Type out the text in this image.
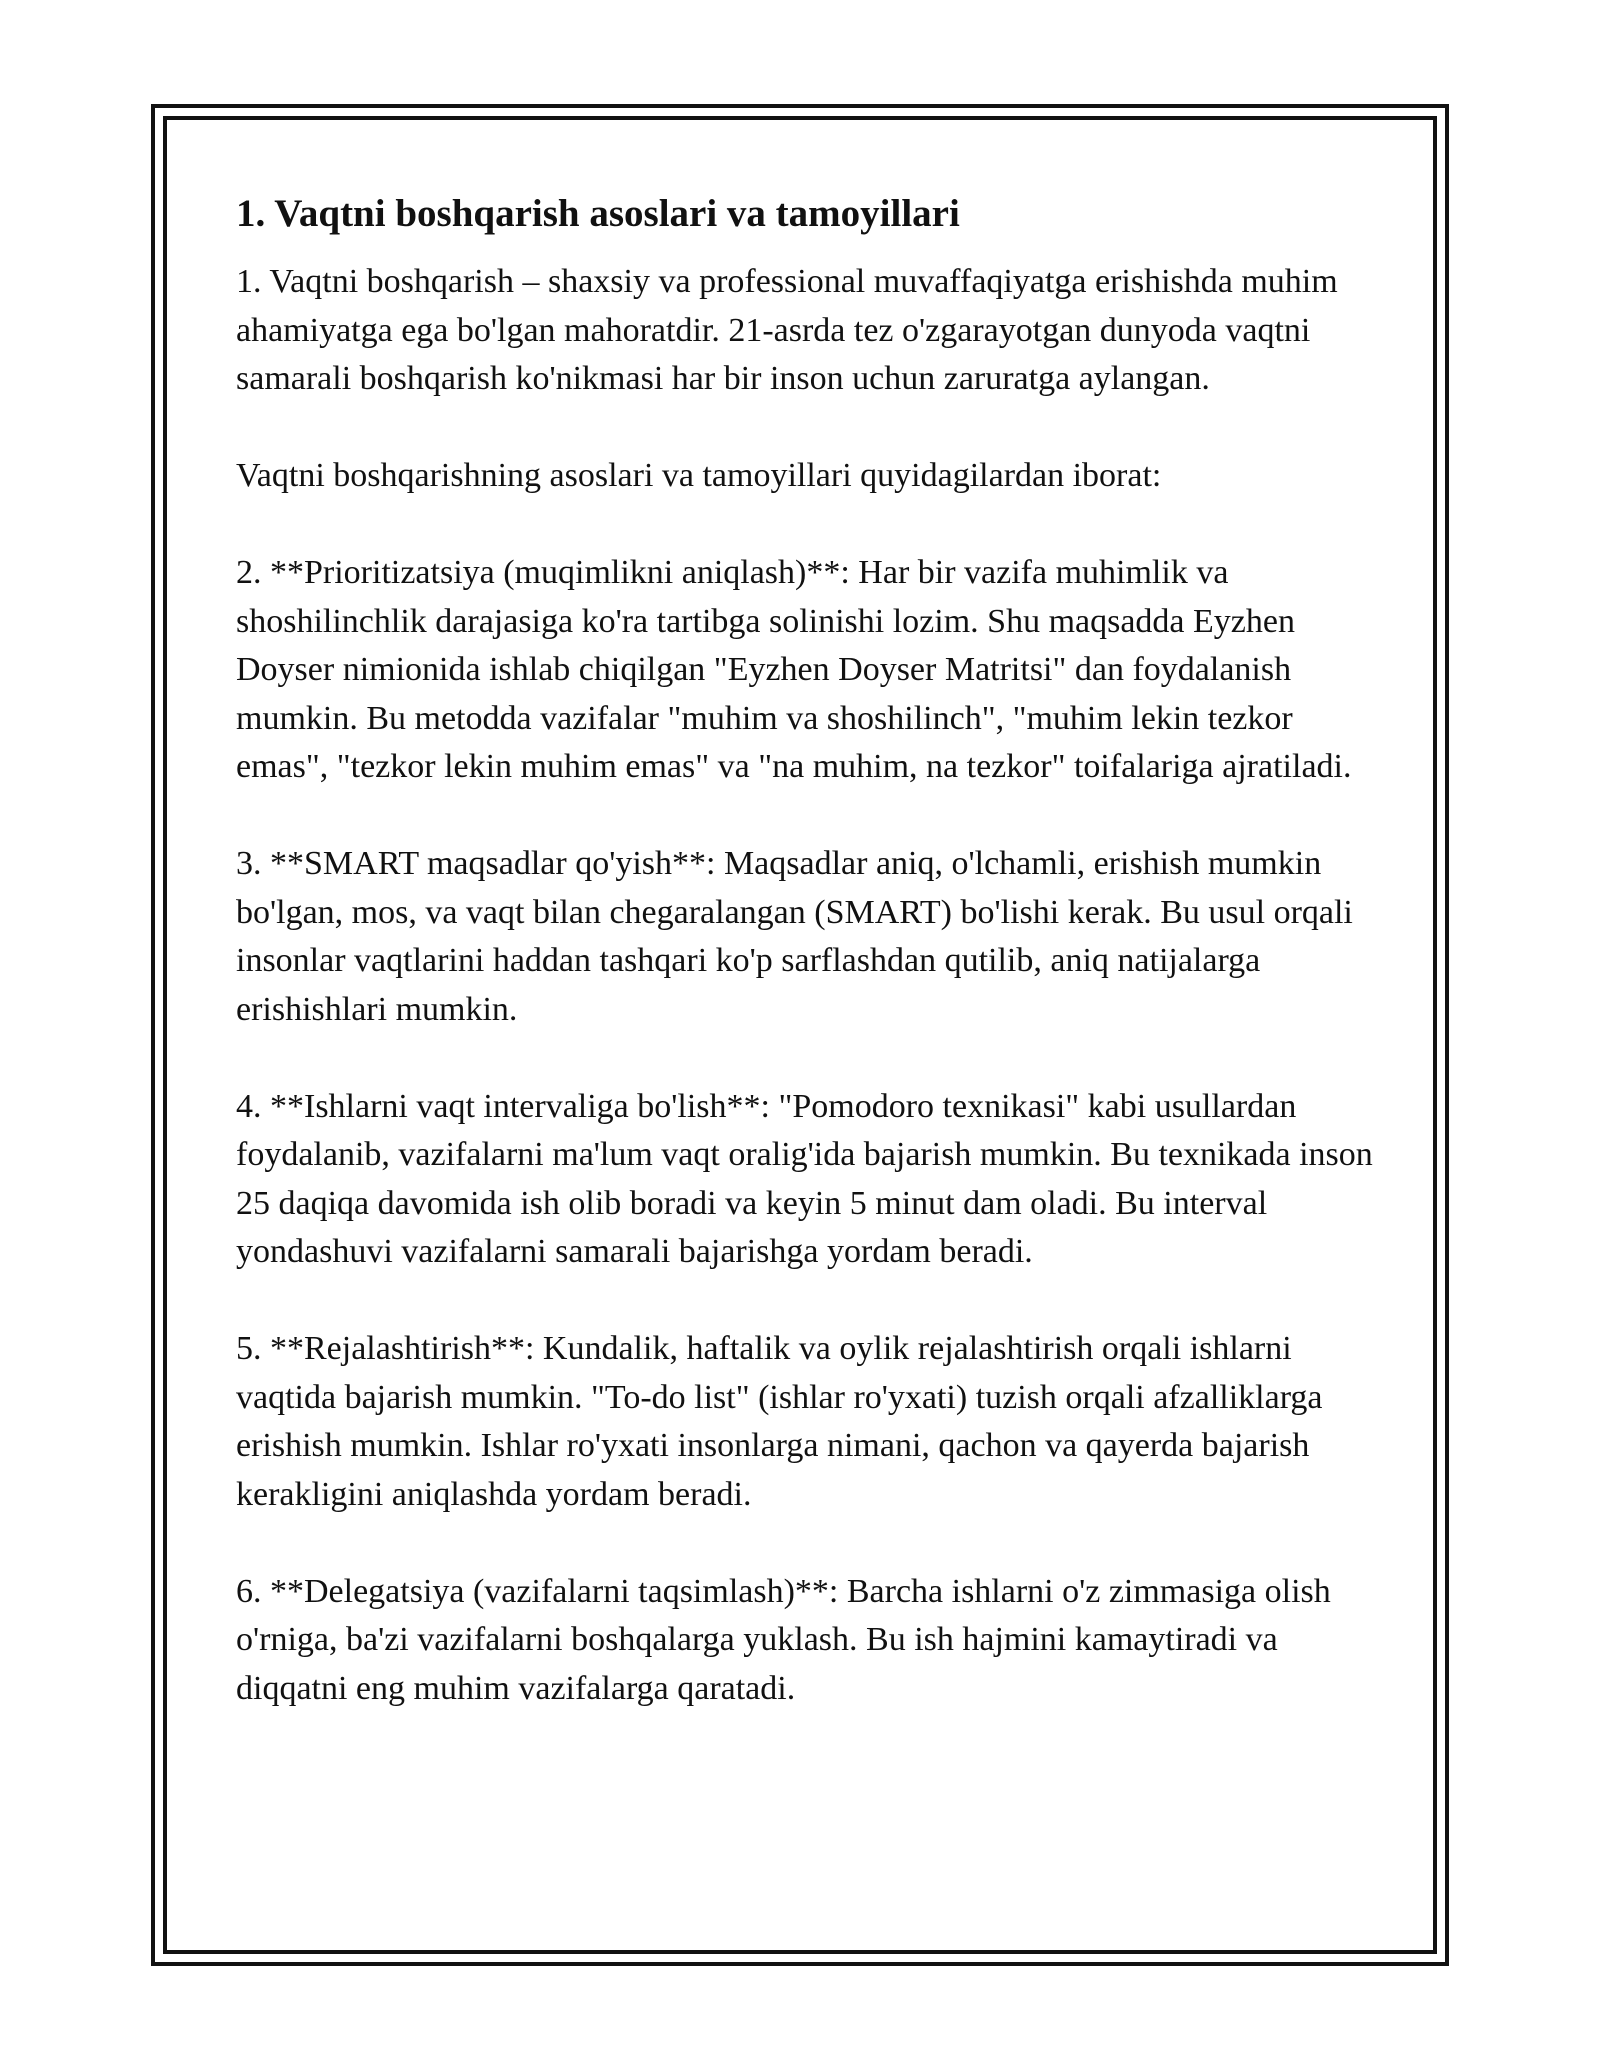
1. Vaqtni boshqarish asoslari va tamoyillari

1. Vaqtni boshqarish – shaxsiy va professional muvaffaqiyatga erishishda muhim ahamiyatga ega bo'lgan mahoratdir. 21-asrda tez o'zgarayotgan dunyoda vaqtni samarali boshqarish ko'nikmasi har bir inson uchun zaruratga aylangan.

Vaqtni boshqarishning asoslari va tamoyillari quyidagilardan iborat:

2. **Prioritizatsiya (muqimlikni aniqlash)**: Har bir vazifa muhimlik va shoshilinchlik darajasiga ko'ra tartibga solinishi lozim. Shu maqsadda Eyzhen Doyser nimionida ishlab chiqilgan "Eyzhen Doyser Matritsi" dan foydalanish mumkin. Bu metodda vazifalar "muhim va shoshilinch", "muhim lekin tezkor emas", "tezkor lekin muhim emas" va "na muhim, na tezkor" toifalariga ajratiladi.

3. **SMART maqsadlar qo'yish**: Maqsadlar aniq, o'lchamli, erishish mumkin bo'lgan, mos, va vaqt bilan chegaralangan (SMART) bo'lishi kerak. Bu usul orqali insonlar vaqtlarini haddan tashqari ko'p sarflashdan qutilib, aniq natijalarga erishishlari mumkin.

4. **Ishlarni vaqt intervaliga bo'lish**: "Pomodoro texnikasi" kabi usullardan foydalanib, vazifalarni ma'lum vaqt oralig'ida bajarish mumkin. Bu texnikada inson 25 daqiqa davomida ish olib boradi va keyin 5 minut dam oladi. Bu interval yondashuvi vazifalarni samarali bajarishga yordam beradi.

5. **Rejalashtirish**: Kundalik, haftalik va oylik rejalashtirish orqali ishlarni vaqtida bajarish mumkin. "To-do list" (ishlar ro'yxati) tuzish orqali afzalliklarga erishish mumkin. Ishlar ro'yxati insonlarga nimani, qachon va qayerda bajarish kerakligini aniqlashda yordam beradi.

6. **Delegatsiya (vazifalarni taqsimlash)**: Barcha ishlarni o'z zimmasiga olish o'rniga, ba'zi vazifalarni boshqalarga yuklash. Bu ish hajmini kamaytiradi va diqqatni eng muhim vazifalarga qaratadi.
